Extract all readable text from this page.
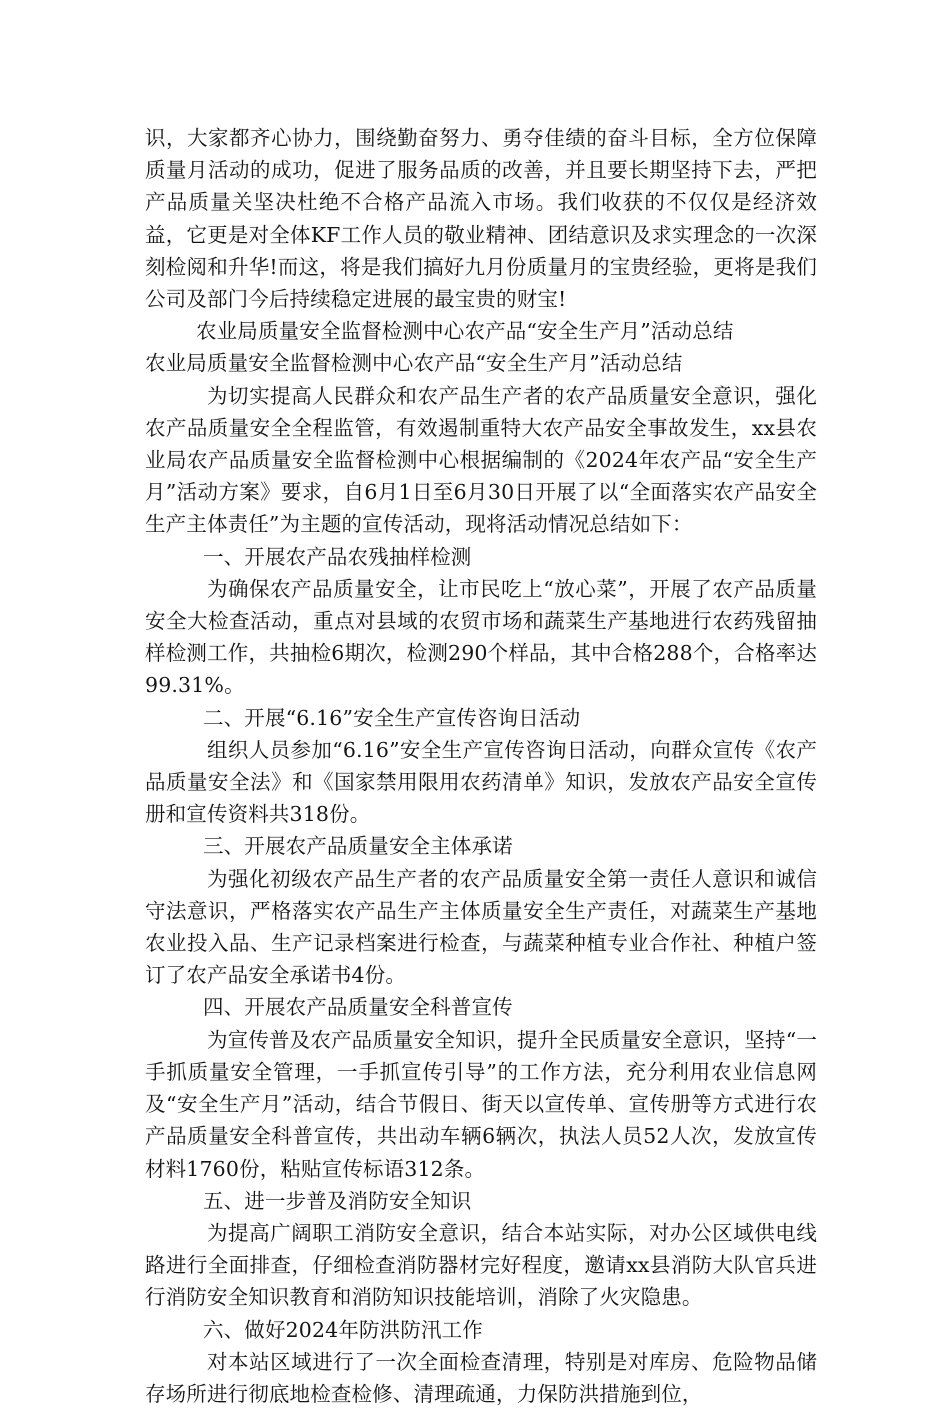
识，大家都齐心协力，围绕勤奋努力、勇夺佳绩的奋斗目标，全方位保障质量月活动的成功，促进了服务品质的改善，并且要长期坚持下去，严把产品质量关坚决杜绝不合格产品流入市场。我们收获的不仅仅是经济效益，它更是对全体KF工作人员的敬业精神、团结意识及求实理念的一次深刻检阅和升华!而这，将是我们搞好九月份质量月的宝贵经验，更将是我们公司及部门今后持续稳定进展的最宝贵的财宝!

农业局质量安全监督检测中心农产品“安全生产月”活动总结

农业局质量安全监督检测中心农产品“安全生产月”活动总结

为切实提高人民群众和农产品生产者的农产品质量安全意识，强化农产品质量安全全程监管，有效遏制重特大农产品安全事故发生，xx县农业局农产品质量安全监督检测中心根据编制的《2024年农产品“安全生产月”活动方案》要求，自6月1日至6月30日开展了以“全面落实农产品安全生产主体责任”为主题的宣传活动，现将活动情况总结如下：

一、开展农产品农残抽样检测

为确保农产品质量安全，让市民吃上“放心菜”，开展了农产品质量安全大检查活动，重点对县域的农贸市场和蔬菜生产基地进行农药残留抽样检测工作，共抽检6期次，检测290个样品，其中合格288个，合格率达99.31%。

二、开展“6.16”安全生产宣传咨询日活动

组织人员参加“6.16”安全生产宣传咨询日活动，向群众宣传《农产品质量安全法》和《国家禁用限用农药清单》知识，发放农产品安全宣传册和宣传资料共318份。

三、开展农产品质量安全主体承诺

为强化初级农产品生产者的农产品质量安全第一责任人意识和诚信守法意识，严格落实农产品生产主体质量安全生产责任，对蔬菜生产基地农业投入品、生产记录档案进行检查，与蔬菜种植专业合作社、种植户签订了农产品安全承诺书4份。

四、开展农产品质量安全科普宣传

为宣传普及农产品质量安全知识，提升全民质量安全意识，坚持“一手抓质量安全管理，一手抓宣传引导”的工作方法，充分利用农业信息网及“安全生产月”活动，结合节假日、街天以宣传单、宣传册等方式进行农产品质量安全科普宣传，共出动车辆6辆次，执法人员52人次，发放宣传材料1760份，粘贴宣传标语312条。

五、进一步普及消防安全知识

为提高广阔职工消防安全意识，结合本站实际，对办公区域供电线路进行全面排查，仔细检查消防器材完好程度，邀请xx县消防大队官兵进行消防安全知识教育和消防知识技能培训，消除了火灾隐患。

六、做好2024年防洪防汛工作

对本站区域进行了一次全面检查清理，特别是对库房、危险物品储存场所进行彻底地检查检修、清理疏通，力保防洪措施到位，
